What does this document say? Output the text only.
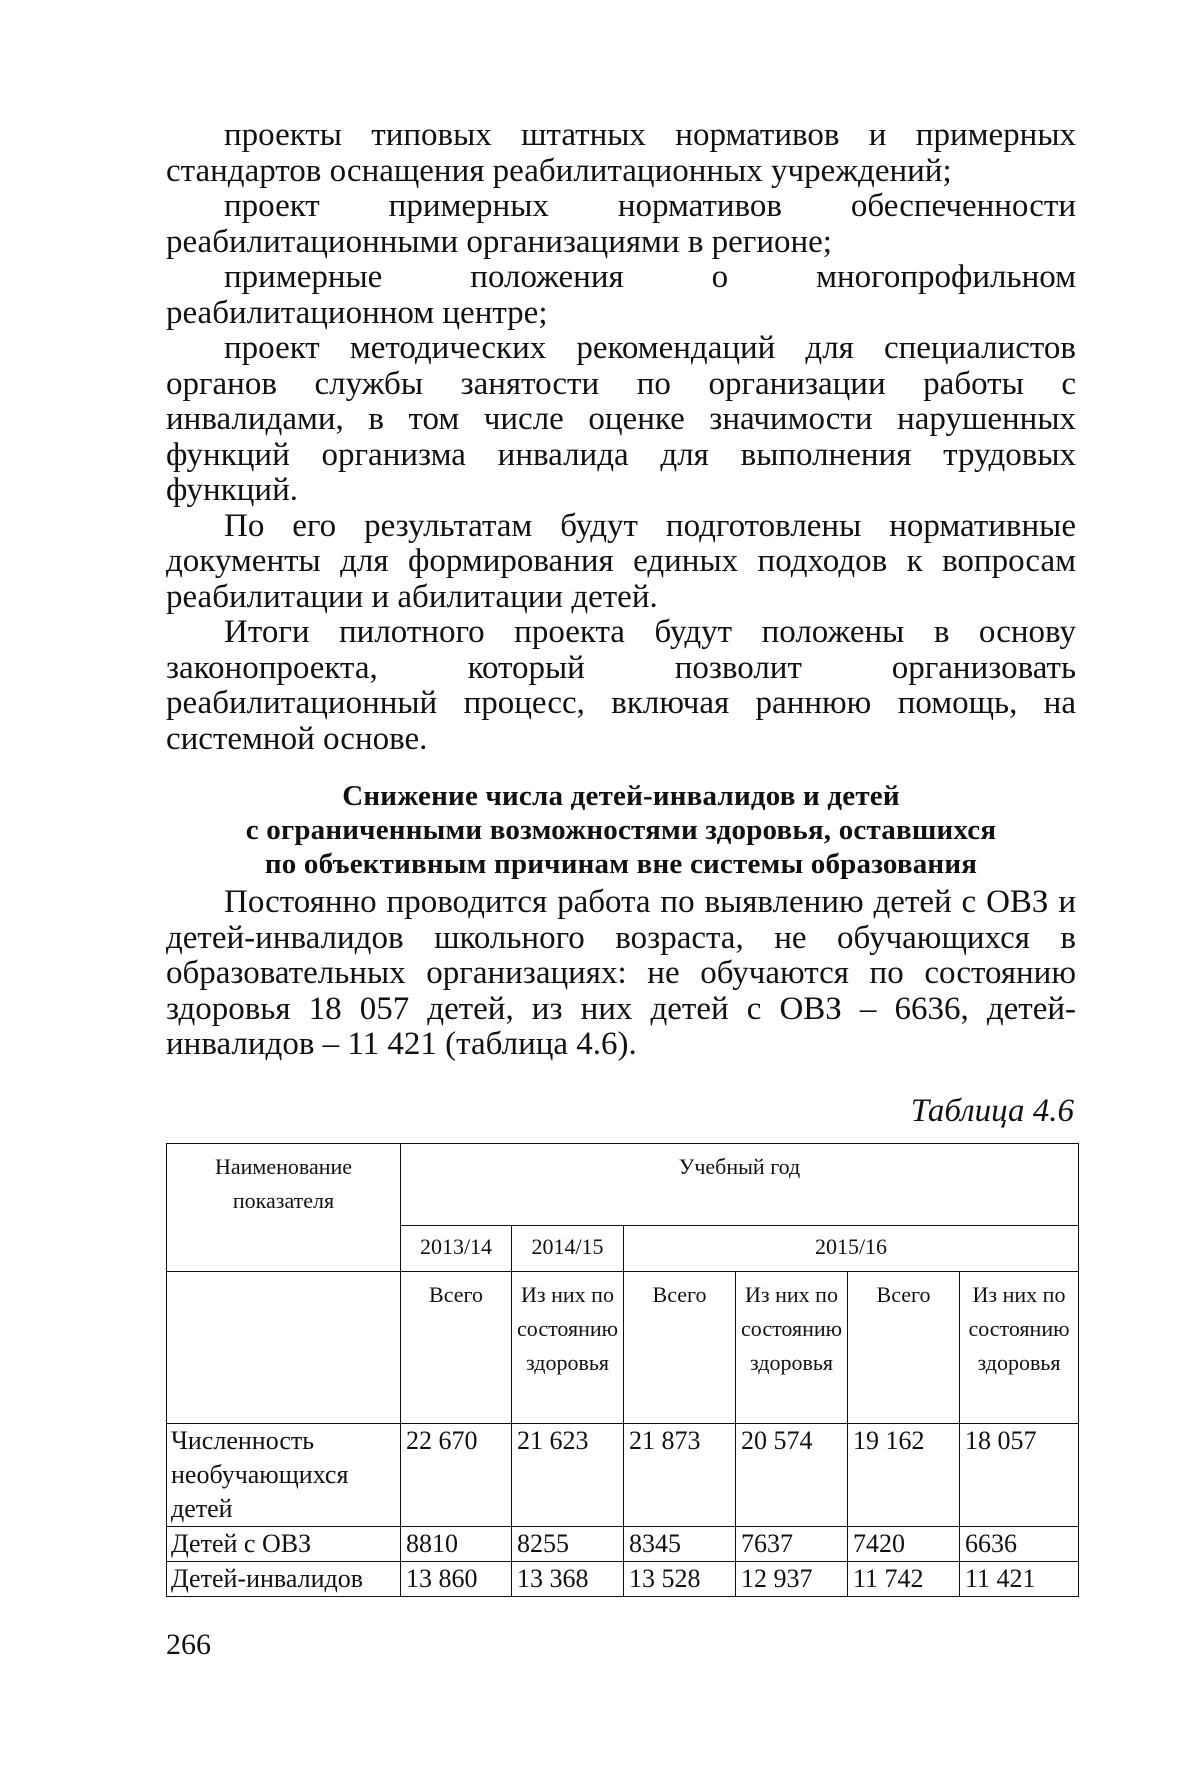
проекты типовых штатных нормативов и примерных стандартов оснащения реабилитационных учреждений;

проект примерных нормативов обеспеченности реабилитационными организациями в регионе;

примерные положения о многопрофильном реабилитационном центре;

проект методических рекомендаций для специалистов органов службы занятости по организации работы с инвалидами, в том числе оценке значимости нарушенных функций организма инвалида для выполнения трудовых функций.

По его результатам будут подготовлены нормативные документы для формирования единых подходов к вопросам реабилитации и абилитации детей.

Итоги пилотного проекта будут положены в основу законопроекта, который позволит организовать реабилитационный процесс, включая раннюю помощь, на системной основе.

Снижение числа детей-инвалидов и детей
с ограниченными возможностями здоровья, оставшихся
по объективным причинам вне системы образования

Постоянно проводится работа по выявлению детей с ОВЗ и детей-инвалидов школьного возраста, не обучающихся в образовательных организациях: не обучаются по состоянию здоровья 18 057 детей, из них детей с ОВЗ – 6636, детей-инвалидов – 11 421 (таблица 4.6).

Таблица 4.6
Наименование показателя	Учебный год					
	2013/14	2014/15	2015/16			
	Всего	Из них по состоянию здоровья	Всего	Из них по состоянию здоровья	Всего	Из них по состоянию здоровья
Численность необучающихся детей	22 670	21 623	21 873	20 574	19 162	18 057
Детей с ОВЗ	8810	8255	8345	7637	7420	6636
Детей-инвалидов	13 860	13 368	13 528	12 937	11 742	11 421
266
